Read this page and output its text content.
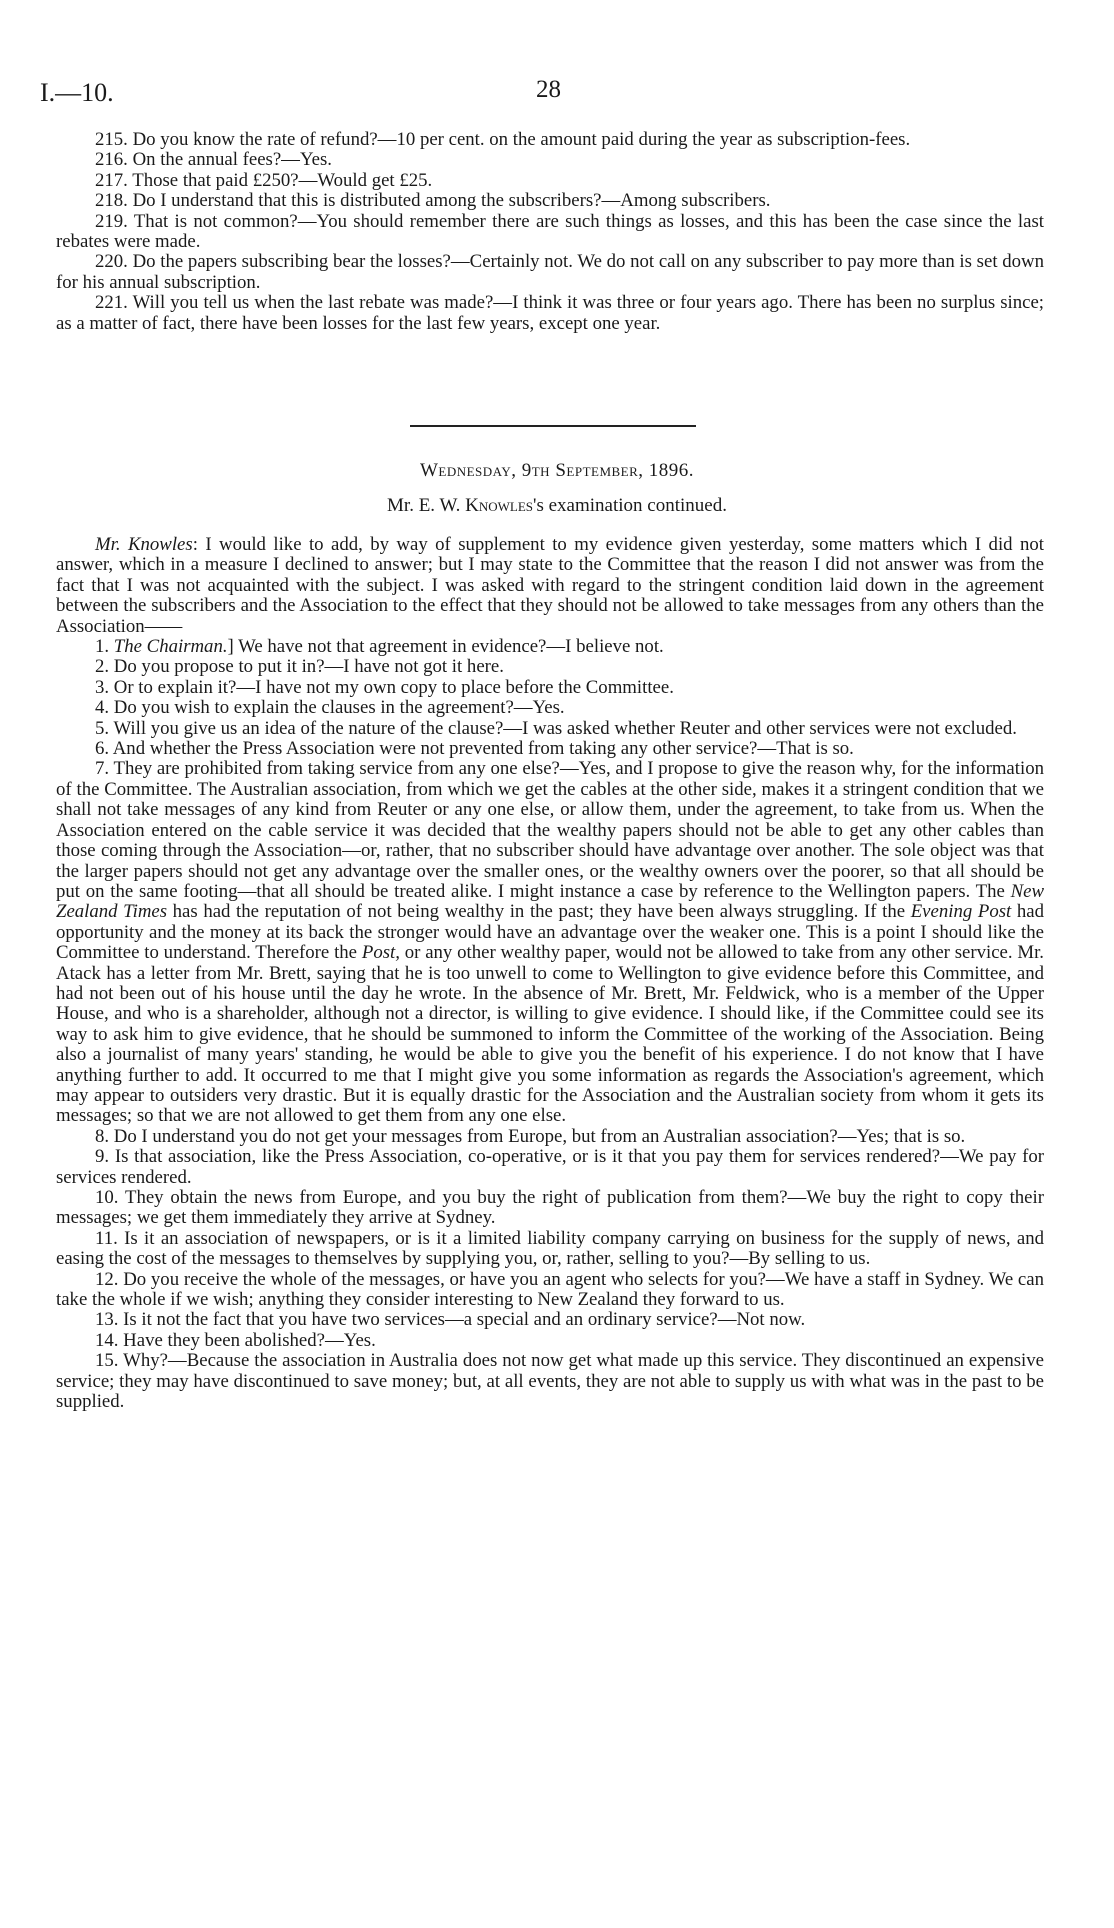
I.—10.	28

215. Do you know the rate of refund?—10 per cent. on the amount paid during the year as subscription-fees.

216. On the annual fees?—Yes.

217. Those that paid £250?—Would get £25.

218. Do I understand that this is distributed among the subscribers?—Among subscribers.

219. That is not common?—You should remember there are such things as losses, and this has been the case since the last rebates were made.

220. Do the papers subscribing bear the losses?—Certainly not. We do not call on any subscriber to pay more than is set down for his annual subscription.

221. Will you tell us when the last rebate was made?—I think it was three or four years ago. There has been no surplus since; as a matter of fact, there have been losses for the last few years, except one year.

Wednesday, 9th September, 1896.
Mr. E. W. Knowles's examination continued.

Mr. Knowles: I would like to add, by way of supplement to my evidence given yesterday, some matters which I did not answer, which in a measure I declined to answer; but I may state to the Committee that the reason I did not answer was from the fact that I was not acquainted with the subject. I was asked with regard to the stringent condition laid down in the agreement between the subscribers and the Association to the effect that they should not be allowed to take messages from any others than the Association——

1. The Chairman.] We have not that agreement in evidence?—I believe not.

2. Do you propose to put it in?—I have not got it here.

3. Or to explain it?—I have not my own copy to place before the Committee.

4. Do you wish to explain the clauses in the agreement?—Yes.

5. Will you give us an idea of the nature of the clause?—I was asked whether Reuter and other services were not excluded.

6. And whether the Press Association were not prevented from taking any other service?—That is so.

7. They are prohibited from taking service from any one else?—Yes, and I propose to give the reason why, for the information of the Committee. The Australian association, from which we get the cables at the other side, makes it a stringent condition that we shall not take messages of any kind from Reuter or any one else, or allow them, under the agreement, to take from us. When the Association entered on the cable service it was decided that the wealthy papers should not be able to get any other cables than those coming through the Association—or, rather, that no subscriber should have advantage over another. The sole object was that the larger papers should not get any advantage over the smaller ones, or the wealthy owners over the poorer, so that all should be put on the same footing—that all should be treated alike. I might instance a case by reference to the Wellington papers. The New Zealand Times has had the reputation of not being wealthy in the past; they have been always struggling. If the Evening Post had opportunity and the money at its back the stronger would have an advantage over the weaker one. This is a point I should like the Committee to understand. Therefore the Post, or any other wealthy paper, would not be allowed to take from any other service. Mr. Atack has a letter from Mr. Brett, saying that he is too unwell to come to Wellington to give evidence before this Committee, and had not been out of his house until the day he wrote. In the absence of Mr. Brett, Mr. Feldwick, who is a member of the Upper House, and who is a shareholder, although not a director, is willing to give evidence. I should like, if the Committee could see its way to ask him to give evidence, that he should be summoned to inform the Committee of the working of the Association. Being also a journalist of many years' standing, he would be able to give you the benefit of his experience. I do not know that I have anything further to add. It occurred to me that I might give you some information as regards the Association's agreement, which may appear to outsiders very drastic. But it is equally drastic for the Association and the Australian society from whom it gets its messages; so that we are not allowed to get them from any one else.

8. Do I understand you do not get your messages from Europe, but from an Australian association?—Yes; that is so.

9. Is that association, like the Press Association, co-operative, or is it that you pay them for services rendered?—We pay for services rendered.

10. They obtain the news from Europe, and you buy the right of publication from them?—We buy the right to copy their messages; we get them immediately they arrive at Sydney.

11. Is it an association of newspapers, or is it a limited liability company carrying on business for the supply of news, and easing the cost of the messages to themselves by supplying you, or, rather, selling to you?—By selling to us.

12. Do you receive the whole of the messages, or have you an agent who selects for you?—We have a staff in Sydney. We can take the whole if we wish; anything they consider interesting to New Zealand they forward to us.

13. Is it not the fact that you have two services—a special and an ordinary service?—Not now.

14. Have they been abolished?—Yes.

15. Why?—Because the association in Australia does not now get what made up this service. They discontinued an expensive service; they may have discontinued to save money; but, at all events, they are not able to supply us with what was in the past to be supplied.
